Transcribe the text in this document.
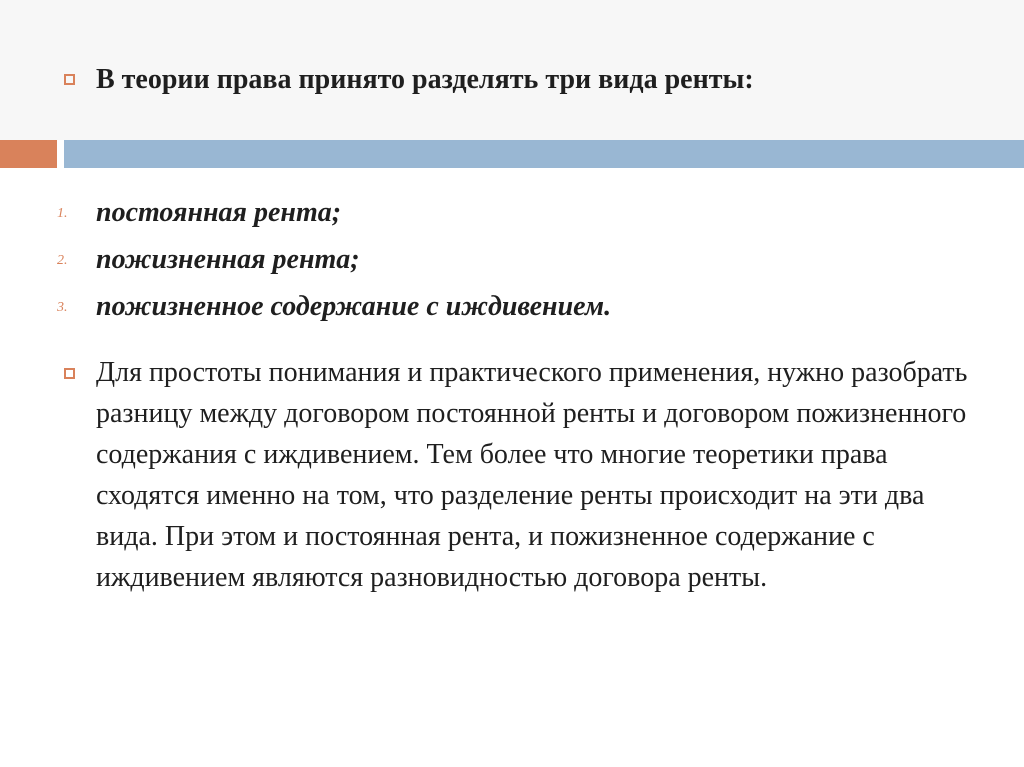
В теории права принято разделять три вида ренты:
1. постоянная рента;
2. пожизненная рента;
3. пожизненное содержание с иждивением.

Для простоты понимания и практического применения, нужно разобрать разницу между договором постоянной ренты и договором пожизненного содержания с иждивением. Тем более что многие теоретики права сходятся именно на том, что разделение ренты происходит на эти два вида. При этом и постоянная рента, и пожизненное содержание с иждивением являются разновидностью договора ренты.
